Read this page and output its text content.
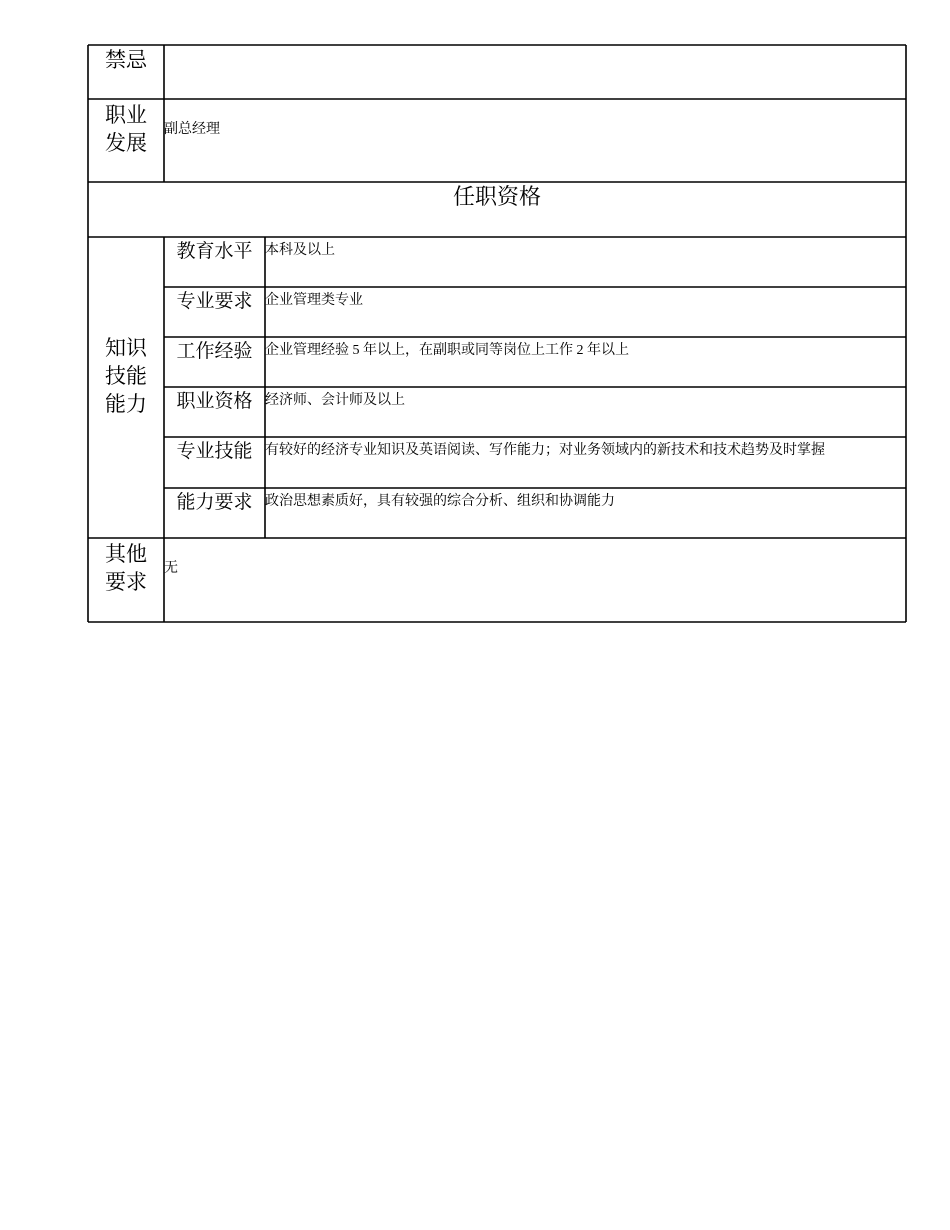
禁忌
职业
发展
副总经理
任职资格
知识
技能
能力
教育水平 本科及以上
专业要求 企业管理类专业
工作经验 企业管理经验 5 年以上，在副职或同等岗位上工作 2 年以上
职业资格 经济师、会计师及以上
专业技能 有较好的经济专业知识及英语阅读、写作能力；对业务领域内的新技术和技术趋势及时掌握
能力要求 政治思想素质好，具有较强的综合分析、组织和协调能力
其他
要求
无
